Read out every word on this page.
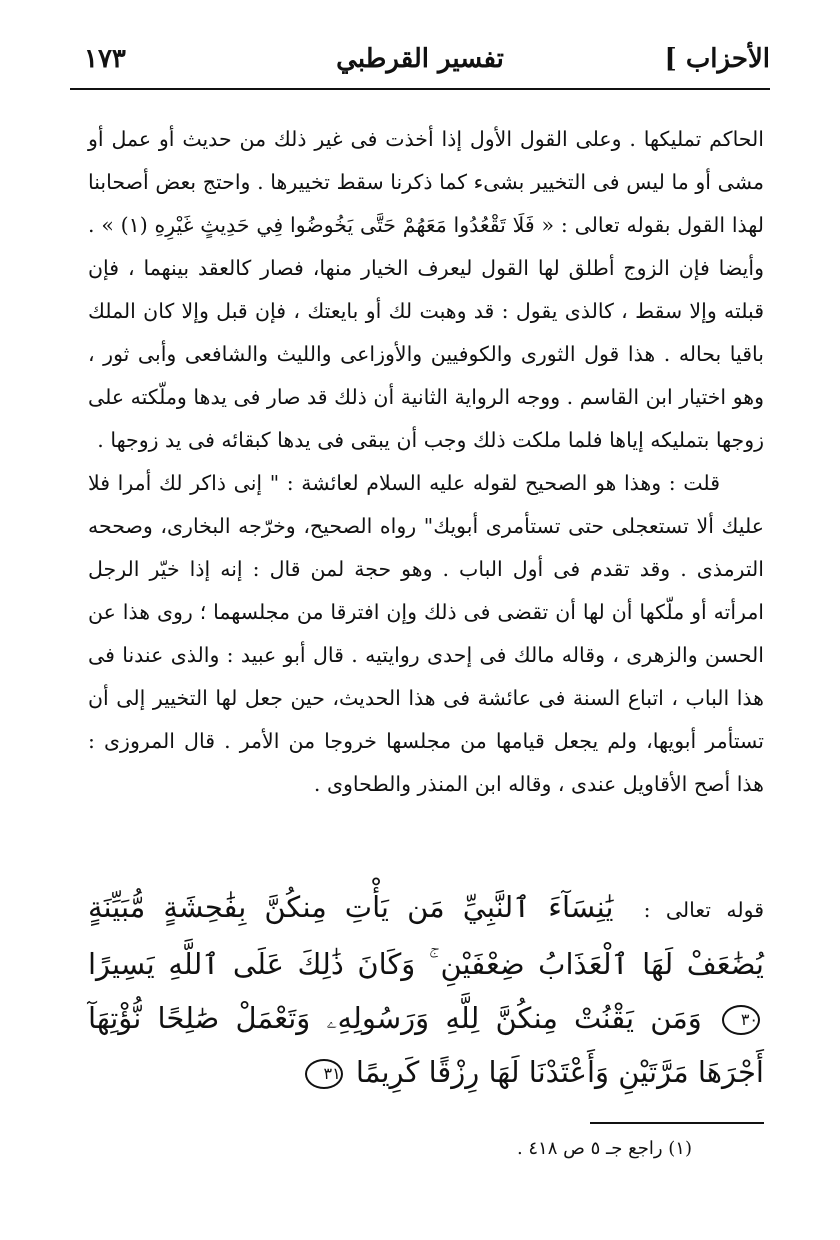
الأحزاب ]
تفسير القرطبي
١٧٣

الحاكم تمليكها . وعلى القول الأول إذا أخذت فى غير ذلك من حديث أو عمل أو مشى أو ما ليس فى التخيير بشىء كما ذكرنا سقط تخييرها . واحتج بعض أصحابنا لهذا القول بقوله تعالى : « فَلَا تَقْعُدُوا مَعَهُمْ حَتَّى يَخُوضُوا فِي حَدِيثٍ غَيْرِهِ (١) » . وأيضا فإن الزوج أطلق لها القول ليعرف الخيار منها، فصار كالعقد بينهما ، فإن قبلته وإلا سقط ، كالذى يقول : قد وهبت لك أو بايعتك ، فإن قبل وإلا كان الملك باقيا بحاله . هذا قول الثورى والكوفيين والأوزاعى والليث والشافعى وأبى ثور ، وهو اختيار ابن القاسم . ووجه الرواية الثانية أن ذلك قد صار فى يدها وملّكته على زوجها بتمليكه إياها فلما ملكت ذلك وجب أن يبقى فى يدها كبقائه فى يد زوجها .

قلت : وهذا هو الصحيح لقوله عليه السلام لعائشة : " إنى ذاكر لك أمرا فلا عليك ألا تستعجلى حتى تستأمرى أبويك" رواه الصحيح، وخرّجه البخارى، وصححه الترمذى . وقد تقدم فى أول الباب . وهو حجة لمن قال : إنه إذا خيّر الرجل امرأته أو ملّكها أن لها أن تقضى فى ذلك وإن افترقا من مجلسهما ؛ روى هذا عن الحسن والزهرى ، وقاله مالك فى إحدى روايتيه . قال أبو عبيد : والذى عندنا فى هذا الباب ، اتباع السنة فى عائشة فى هذا الحديث، حين جعل لها التخيير إلى أن تستأمر أبويها، ولم يجعل قيامها من مجلسها خروجا من الأمر . قال المروزى : هذا أصح الأقاويل عندى ، وقاله ابن المنذر والطحاوى .

قوله تعالى : يَٰنِسَآءَ ٱلنَّبِيِّ مَن يَأْتِ مِنكُنَّ بِفَٰحِشَةٍ مُّبَيِّنَةٍ يُضَٰعَفْ لَهَا ٱلْعَذَابُ ضِعْفَيْنِ ۚ وَكَانَ ذَٰلِكَ عَلَى ٱللَّهِ يَسِيرًا ٣٠ وَمَن يَقْنُتْ مِنكُنَّ لِلَّهِ وَرَسُولِهِۦ وَتَعْمَلْ صَٰلِحًا نُّؤْتِهَآ أَجْرَهَا مَرَّتَيْنِ وَأَعْتَدْنَا لَهَا رِزْقًا كَرِيمًا ٣١
(١) راجع جـ ٥ ص ٤١٨ .
